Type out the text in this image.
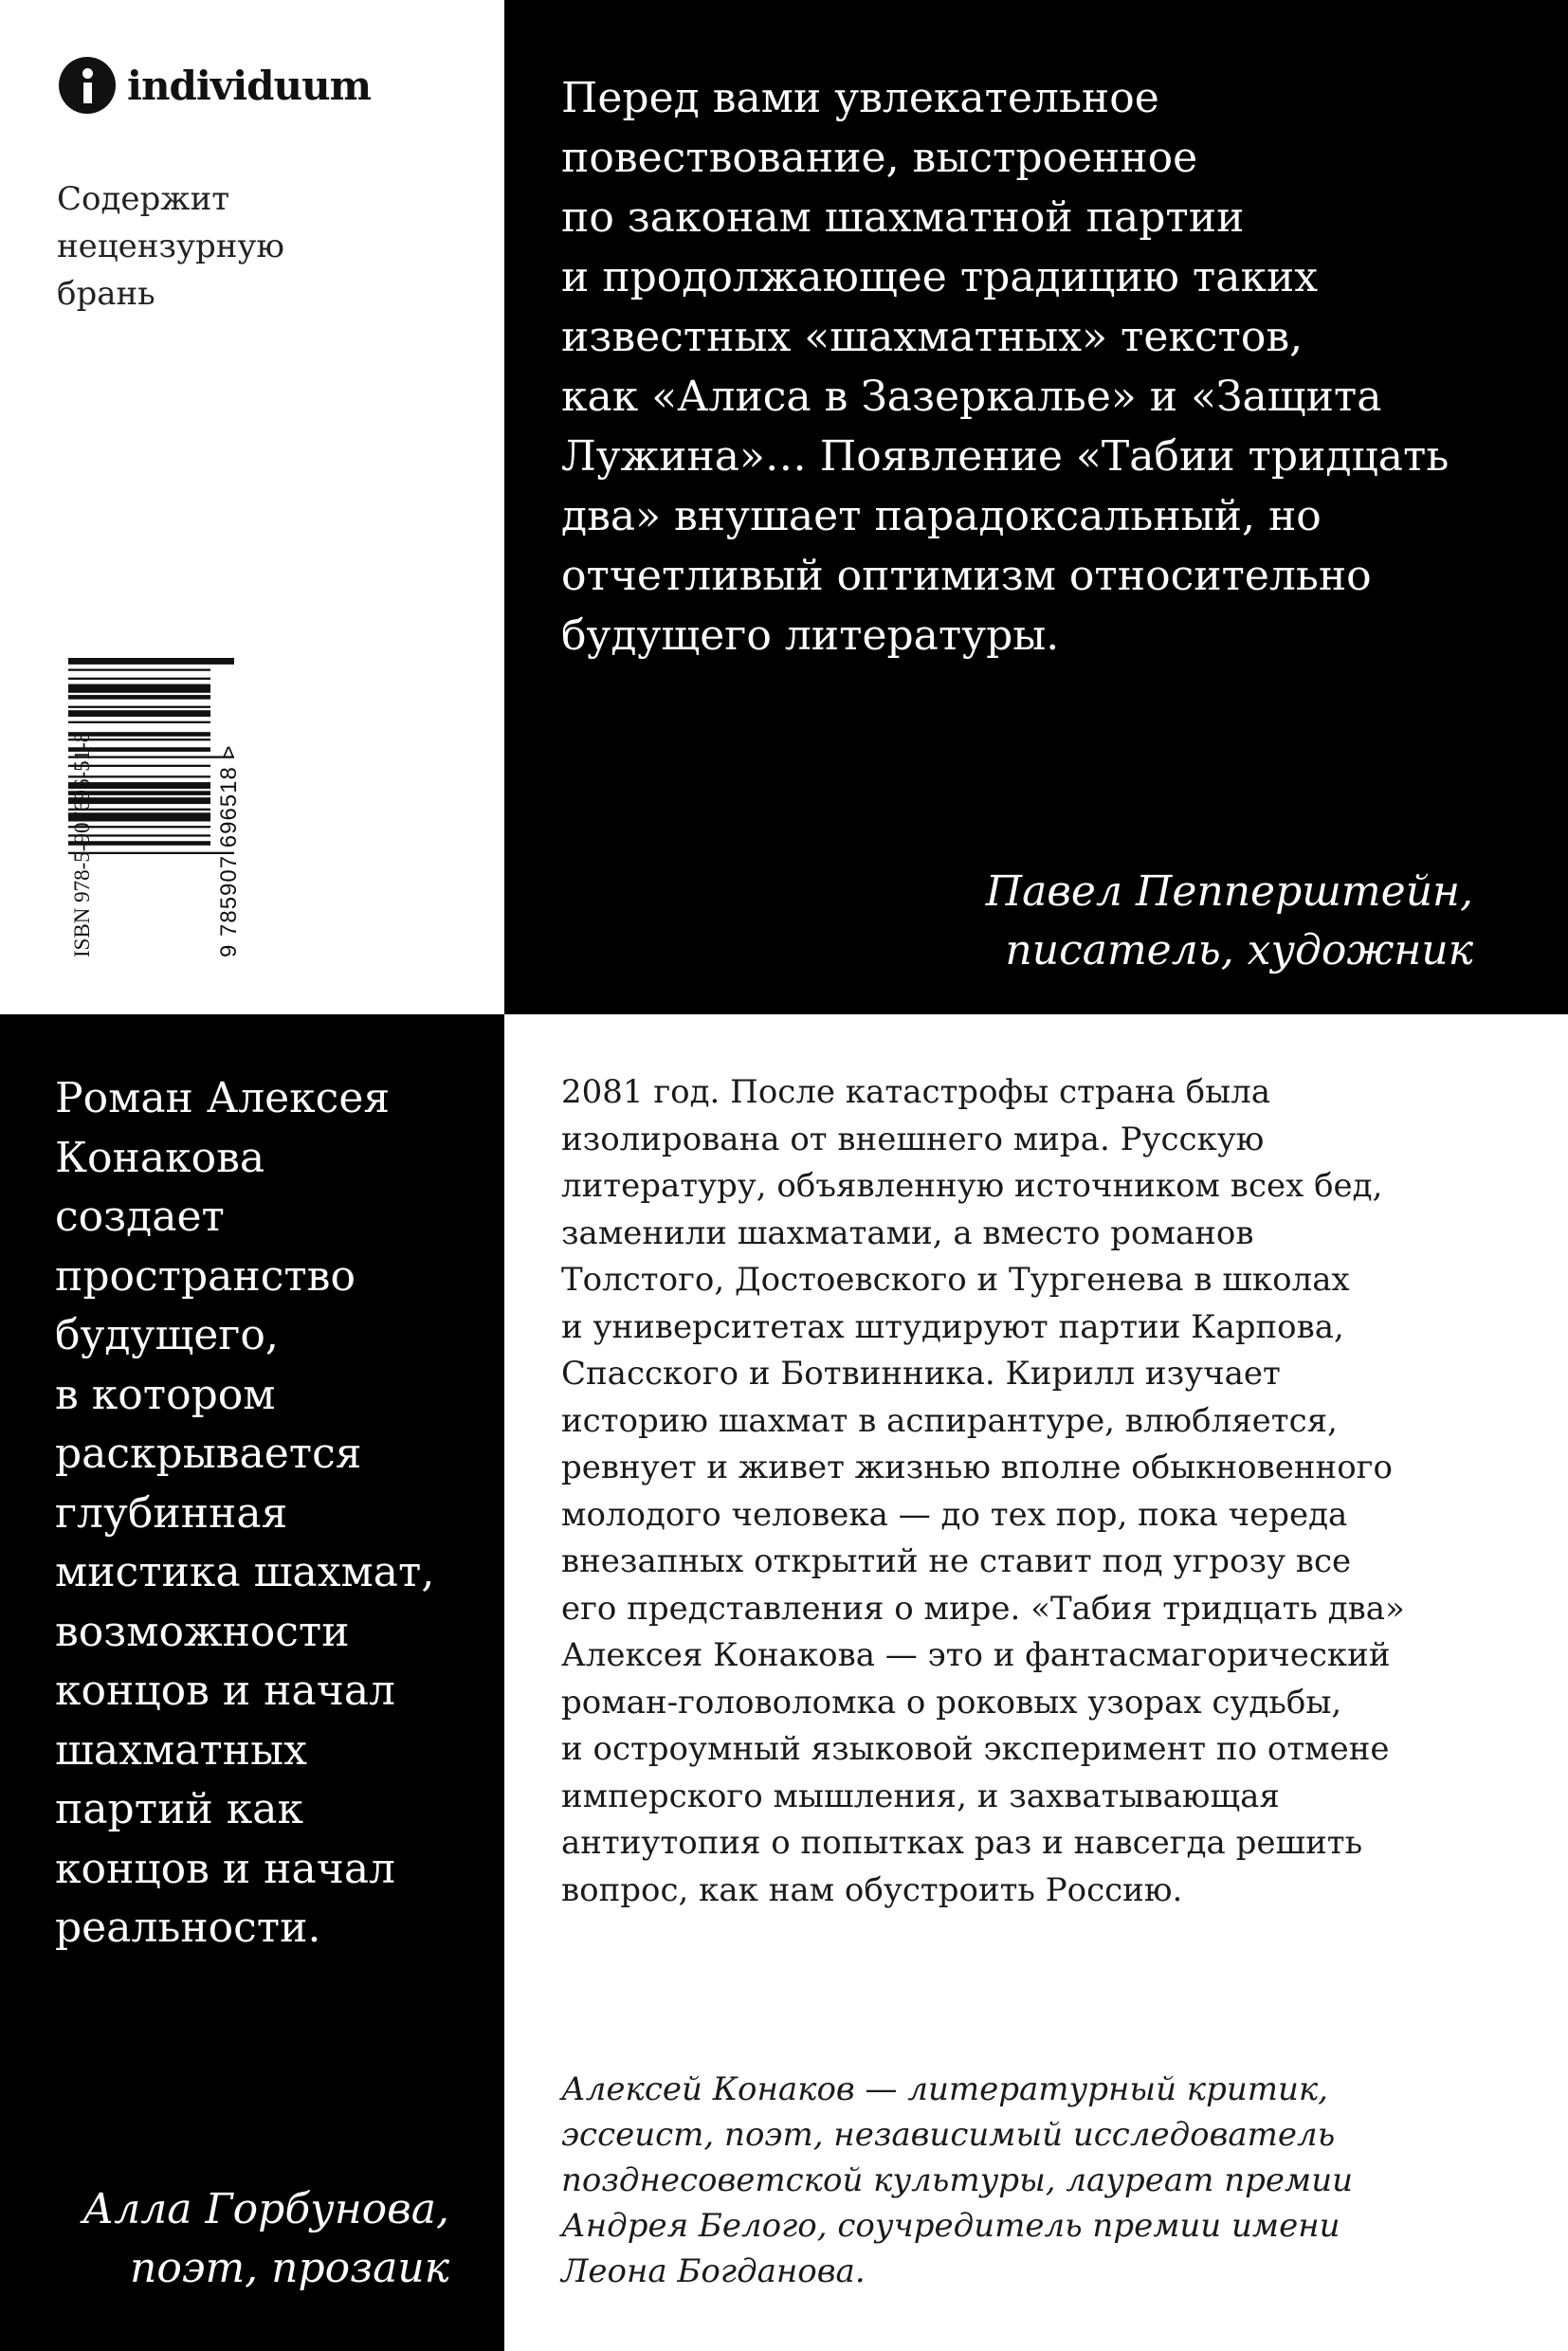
individuum
Содержит
нецензурную
брань
ISBN 978-5-907696-51-8	9 785907 696518 >
Перед вами увлекательное
повествование, выстроенное
по законам шахматной партии
и продолжающее традицию таких
известных «шахматных» текстов,
как «Алиса в Зазеркалье» и «Защита
Лужина»… Появление «Табии тридцать
два» внушает парадоксальный, но
отчетливый оптимизм относительно
будущего литературы.
Павел Пепперштейн,
писатель, художник
Роман Алексея
Конакова
создает
пространство
будущего,
в котором
раскрывается
глубинная
мистика шахмат,
возможности
концов и начал
шахматных
партий как
концов и начал
реальности.
Алла Горбунова,
поэт, прозаик
2081 год. После катастрофы страна была
изолирована от внешнего мира. Русскую
литературу, объявленную источником всех бед,
заменили шахматами, а вместо романов
Толстого, Достоевского и Тургенева в школах
и университетах штудируют партии Карпова,
Спасского и Ботвинника. Кирилл изучает
историю шахмат в аспирантуре, влюбляется,
ревнует и живет жизнью вполне обыкновенного
молодого человека — до тех пор, пока череда
внезапных открытий не ставит под угрозу все
его представления о мире. «Табия тридцать два»
Алексея Конакова — это и фантасмагорический
роман-головоломка о роковых узорах судьбы,
и остроумный языковой эксперимент по отмене
имперского мышления, и захватывающая
антиутопия о попытках раз и навсегда решить
вопрос, как нам обустроить Россию.
Алексей Конаков — литературный критик,
эссеист, поэт, независимый исследователь
позднесоветской культуры, лауреат премии
Андрея Белого, соучредитель премии имени
Леона Богданова.
